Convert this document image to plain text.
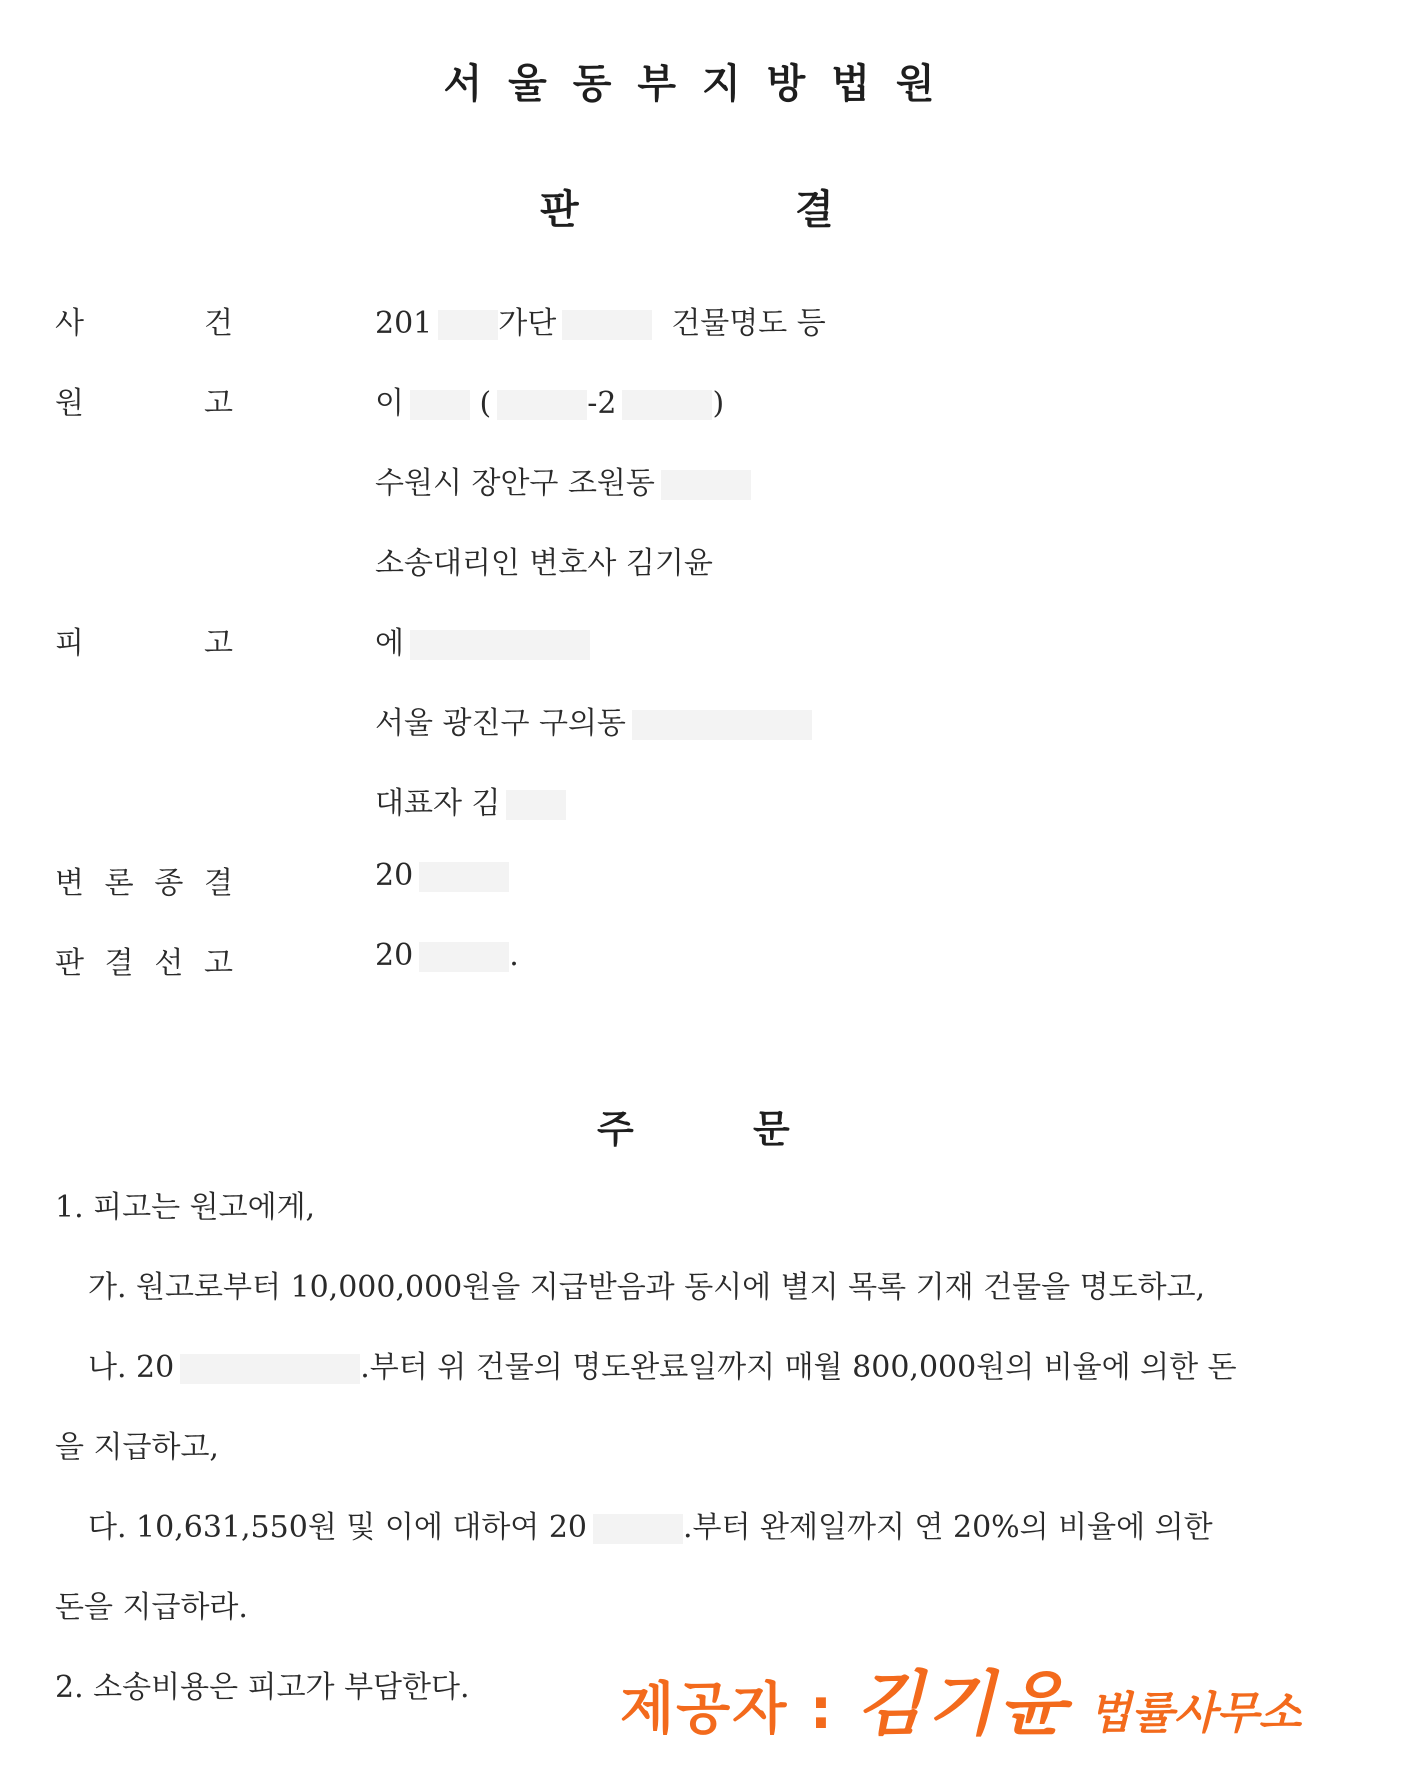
서울동부지방법원
판	결
사	건	201 가단	건물명도 등
원	고	이	(	-2	)
수원시 장안구 조원동
소송대리인 변호사 김기윤
피	고	에
서울 광진구 구의동
대표자 김
변 론 종 결	20
판 결 선 고	20	.
주	문
1. 피고는 원고에게,
가. 원고로부터 10,000,000원을 지급받음과 동시에 별지 목록 기재 건물을 명도하고,
나. 20	.부터 위 건물의 명도완료일까지 매월 800,000원의 비율에 의한 돈
을 지급하고,
다. 10,631,550원 및 이에 대하여 20	.부터 완제일까지 연 20%의 비율에 의한
돈을 지급하라.
2. 소송비용은 피고가 부담한다.	제공자 : 김기윤 법률사무소
